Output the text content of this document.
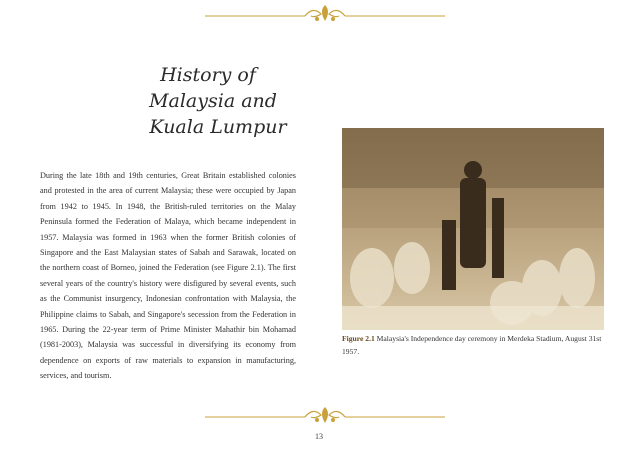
History of
Malaysia and
Kuala Lumpur
During the late 18th and 19th centuries, Great Britain established colonies and protested in the area of current Malaysia; these were occupied by Japan from 1942 to 1945. In 1948, the British-ruled territories on the Malay Peninsula formed the Federation of Malaya, which became independent in 1957. Malaysia was formed in 1963 when the former British colonies of Singapore and the East Malaysian states of Sabah and Sarawak, located on the northern coast of Borneo, joined the Federation (see Figure 2.1). The first several years of the country's history were disfigured by several events, such as the Communist insurgency, Indonesian confrontation with Malaysia, the Philippine claims to Sabah, and Singapore's secession from the Federation in 1965. During the 22-year term of Prime Minister Mahathir bin Mohamad (1981-2003), Malaysia was successful in diversifying its economy from dependence on exports of raw materials to expansion in manufacturing, services, and tourism.
Figure 2.1 Malaysia's Independence day ceremony in Merdeka Stadium, August 31st 1957.
13
